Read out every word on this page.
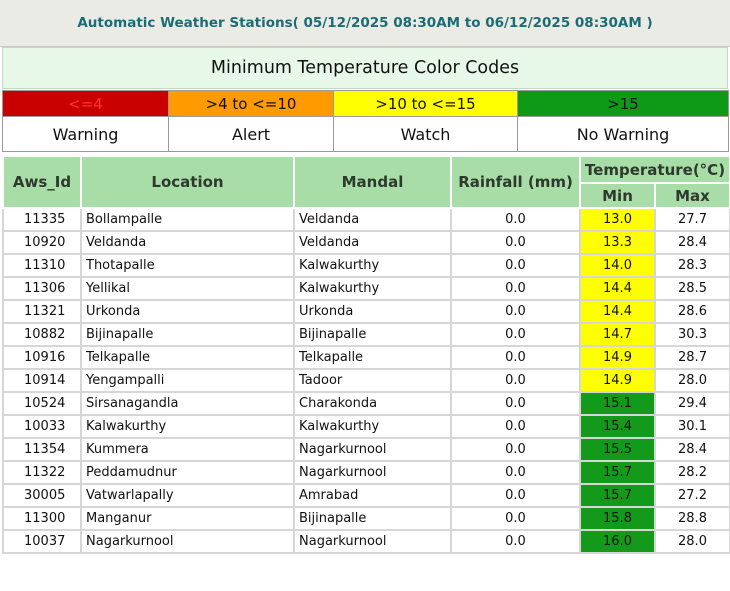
Automatic Weather Stations( 05/12/2025 08:30AM to 06/12/2025 08:30AM )
Minimum Temperature Color Codes
<=4	>4 to <=10	>10 to <=15	>15
Warning	Alert	Watch	No Warning
Aws_Id	Location	Mandal	Rainfall (mm)	Temperature(°C)	
				Min	Max
11335	Bollampalle	Veldanda	0.0	13.0	27.7
10920	Veldanda	Veldanda	0.0	13.3	28.4
11310	Thotapalle	Kalwakurthy	0.0	14.0	28.3
11306	Yellikal	Kalwakurthy	0.0	14.4	28.5
11321	Urkonda	Urkonda	0.0	14.4	28.6
10882	Bijinapalle	Bijinapalle	0.0	14.7	30.3
10916	Telkapalle	Telkapalle	0.0	14.9	28.7
10914	Yengampalli	Tadoor	0.0	14.9	28.0
10524	Sirsanagandla	Charakonda	0.0	15.1	29.4
10033	Kalwakurthy	Kalwakurthy	0.0	15.4	30.1
11354	Kummera	Nagarkurnool	0.0	15.5	28.4
11322	Peddamudnur	Nagarkurnool	0.0	15.7	28.2
30005	Vatwarlapally	Amrabad	0.0	15.7	27.2
11300	Manganur	Bijinapalle	0.0	15.8	28.8
10037	Nagarkurnool	Nagarkurnool	0.0	16.0	28.0
